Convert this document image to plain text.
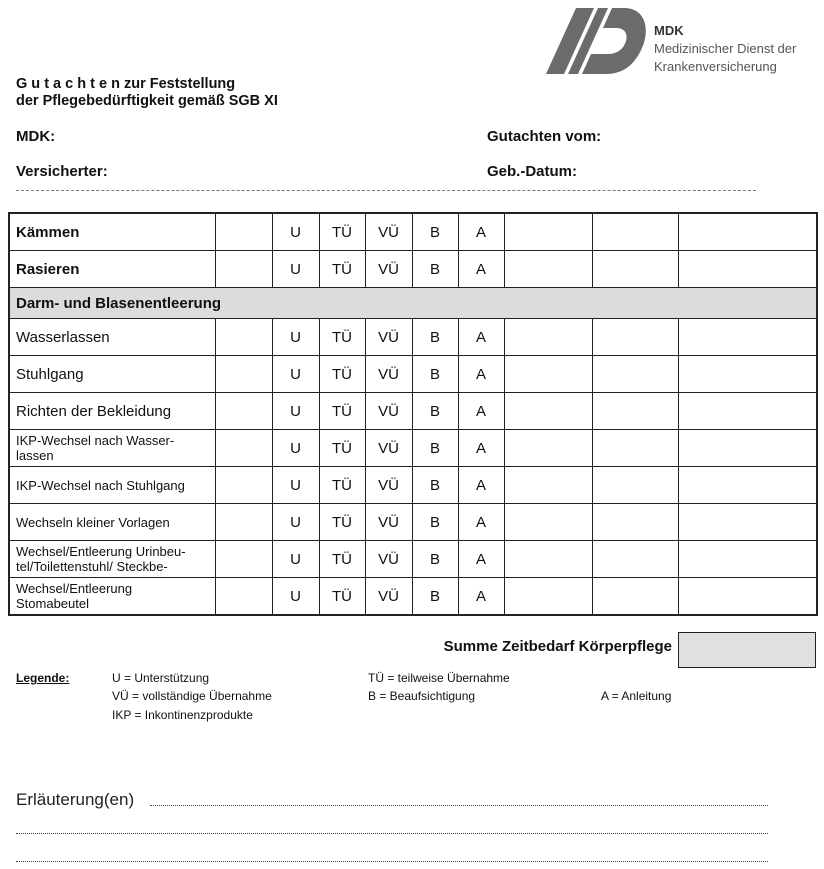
MDK
Medizinischer Dienst der
Krankenversicherung
G u t a c h t e n zur Feststellung
der Pflegebedürftigkeit gemäß SGB XI
MDK:	Gutachten vom:
Versicherter:	Geb.-Datum:
Kämmen		U	TÜ	VÜ	B	A			
Rasieren		U	TÜ	VÜ	B	A			
Darm- und Blasenentleerung									
Wasserlassen		U	TÜ	VÜ	B	A			
Stuhlgang		U	TÜ	VÜ	B	A			
Richten der Bekleidung		U	TÜ	VÜ	B	A			

IKP-Wechsel nach Wasser-
lassen		U	TÜ	VÜ	B	A			
IKP-Wechsel nach Stuhlgang		U	TÜ	VÜ	B	A			
Wechseln kleiner Vorlagen		U	TÜ	VÜ	B	A			

Wechsel/Entleerung Urinbeu-
tel/Toilettenstuhl/ Steckbe-		U	TÜ	VÜ	B	A			

Wechsel/Entleerung
Stomabeutel		U	TÜ	VÜ	B	A			
Summe Zeitbedarf Körperpflege
Legende:	U = Unterstützung	TÜ = teilweise Übernahme
VÜ = vollständige Übernahme	B = Beaufsichtigung	A = Anleitung
IKP = Inkontinenzprodukte
Erläuterung(en)
